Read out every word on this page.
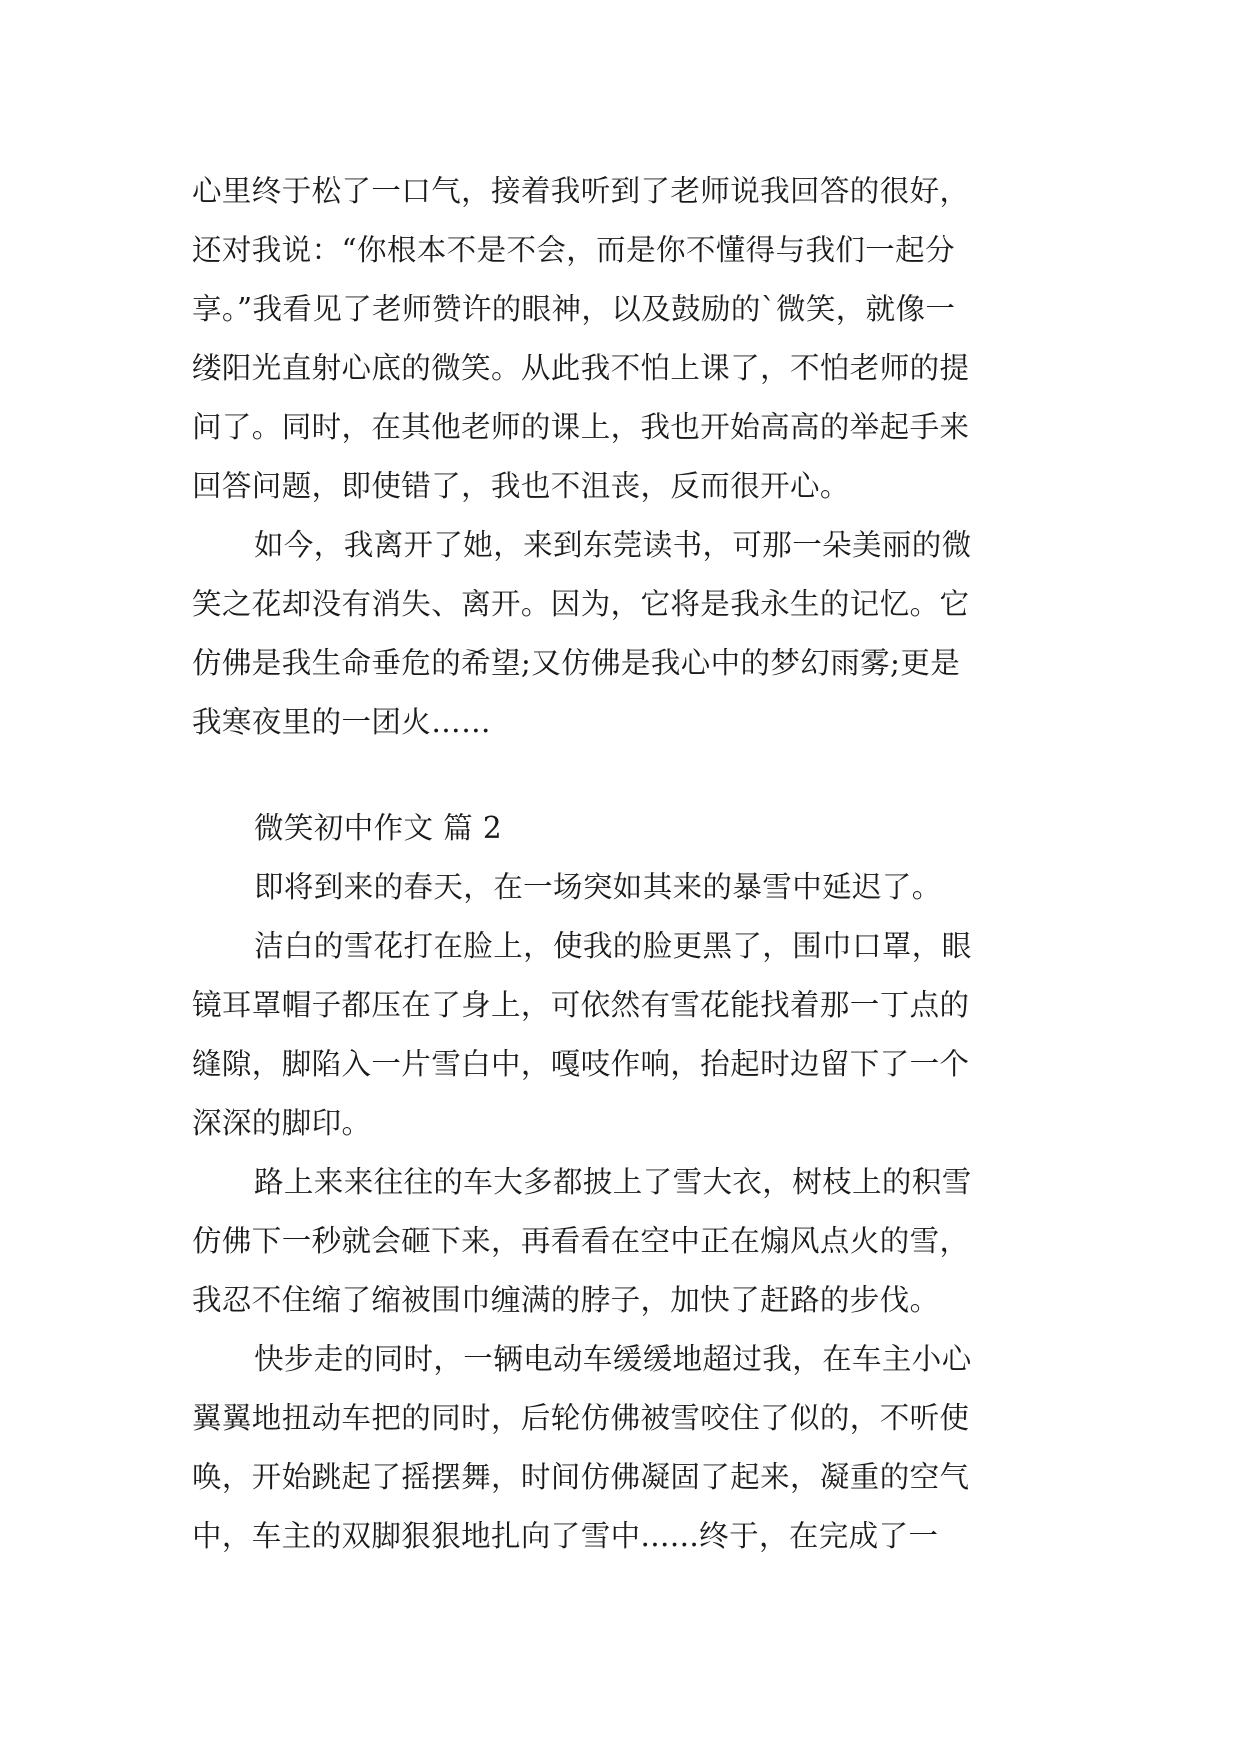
心里终于松了一口气，接着我听到了老师说我回答的很好，

还对我说：“你根本不是不会，而是你不懂得与我们一起分

享。”我看见了老师赞许的眼神，以及鼓励的`微笑，就像一

缕阳光直射心底的微笑。从此我不怕上课了，不怕老师的提

问了。同时，在其他老师的课上，我也开始高高的举起手来

回答问题，即使错了，我也不沮丧，反而很开心。

如今，我离开了她，来到东莞读书，可那一朵美丽的微

笑之花却没有消失、离开。因为，它将是我永生的记忆。它

仿佛是我生命垂危的希望;又仿佛是我心中的梦幻雨雾;更是

我寒夜里的一团火……

微笑初中作文 篇 2

即将到来的春天，在一场突如其来的暴雪中延迟了。

洁白的雪花打在脸上，使我的脸更黑了，围巾口罩，眼

镜耳罩帽子都压在了身上，可依然有雪花能找着那一丁点的

缝隙，脚陷入一片雪白中，嘎吱作响，抬起时边留下了一个

深深的脚印。

路上来来往往的车大多都披上了雪大衣，树枝上的积雪

仿佛下一秒就会砸下来，再看看在空中正在煽风点火的雪，

我忍不住缩了缩被围巾缠满的脖子，加快了赶路的步伐。

快步走的同时，一辆电动车缓缓地超过我，在车主小心

翼翼地扭动车把的同时，后轮仿佛被雪咬住了似的，不听使

唤，开始跳起了摇摆舞，时间仿佛凝固了起来，凝重的空气

中，车主的双脚狠狠地扎向了雪中......终于，在完成了一
